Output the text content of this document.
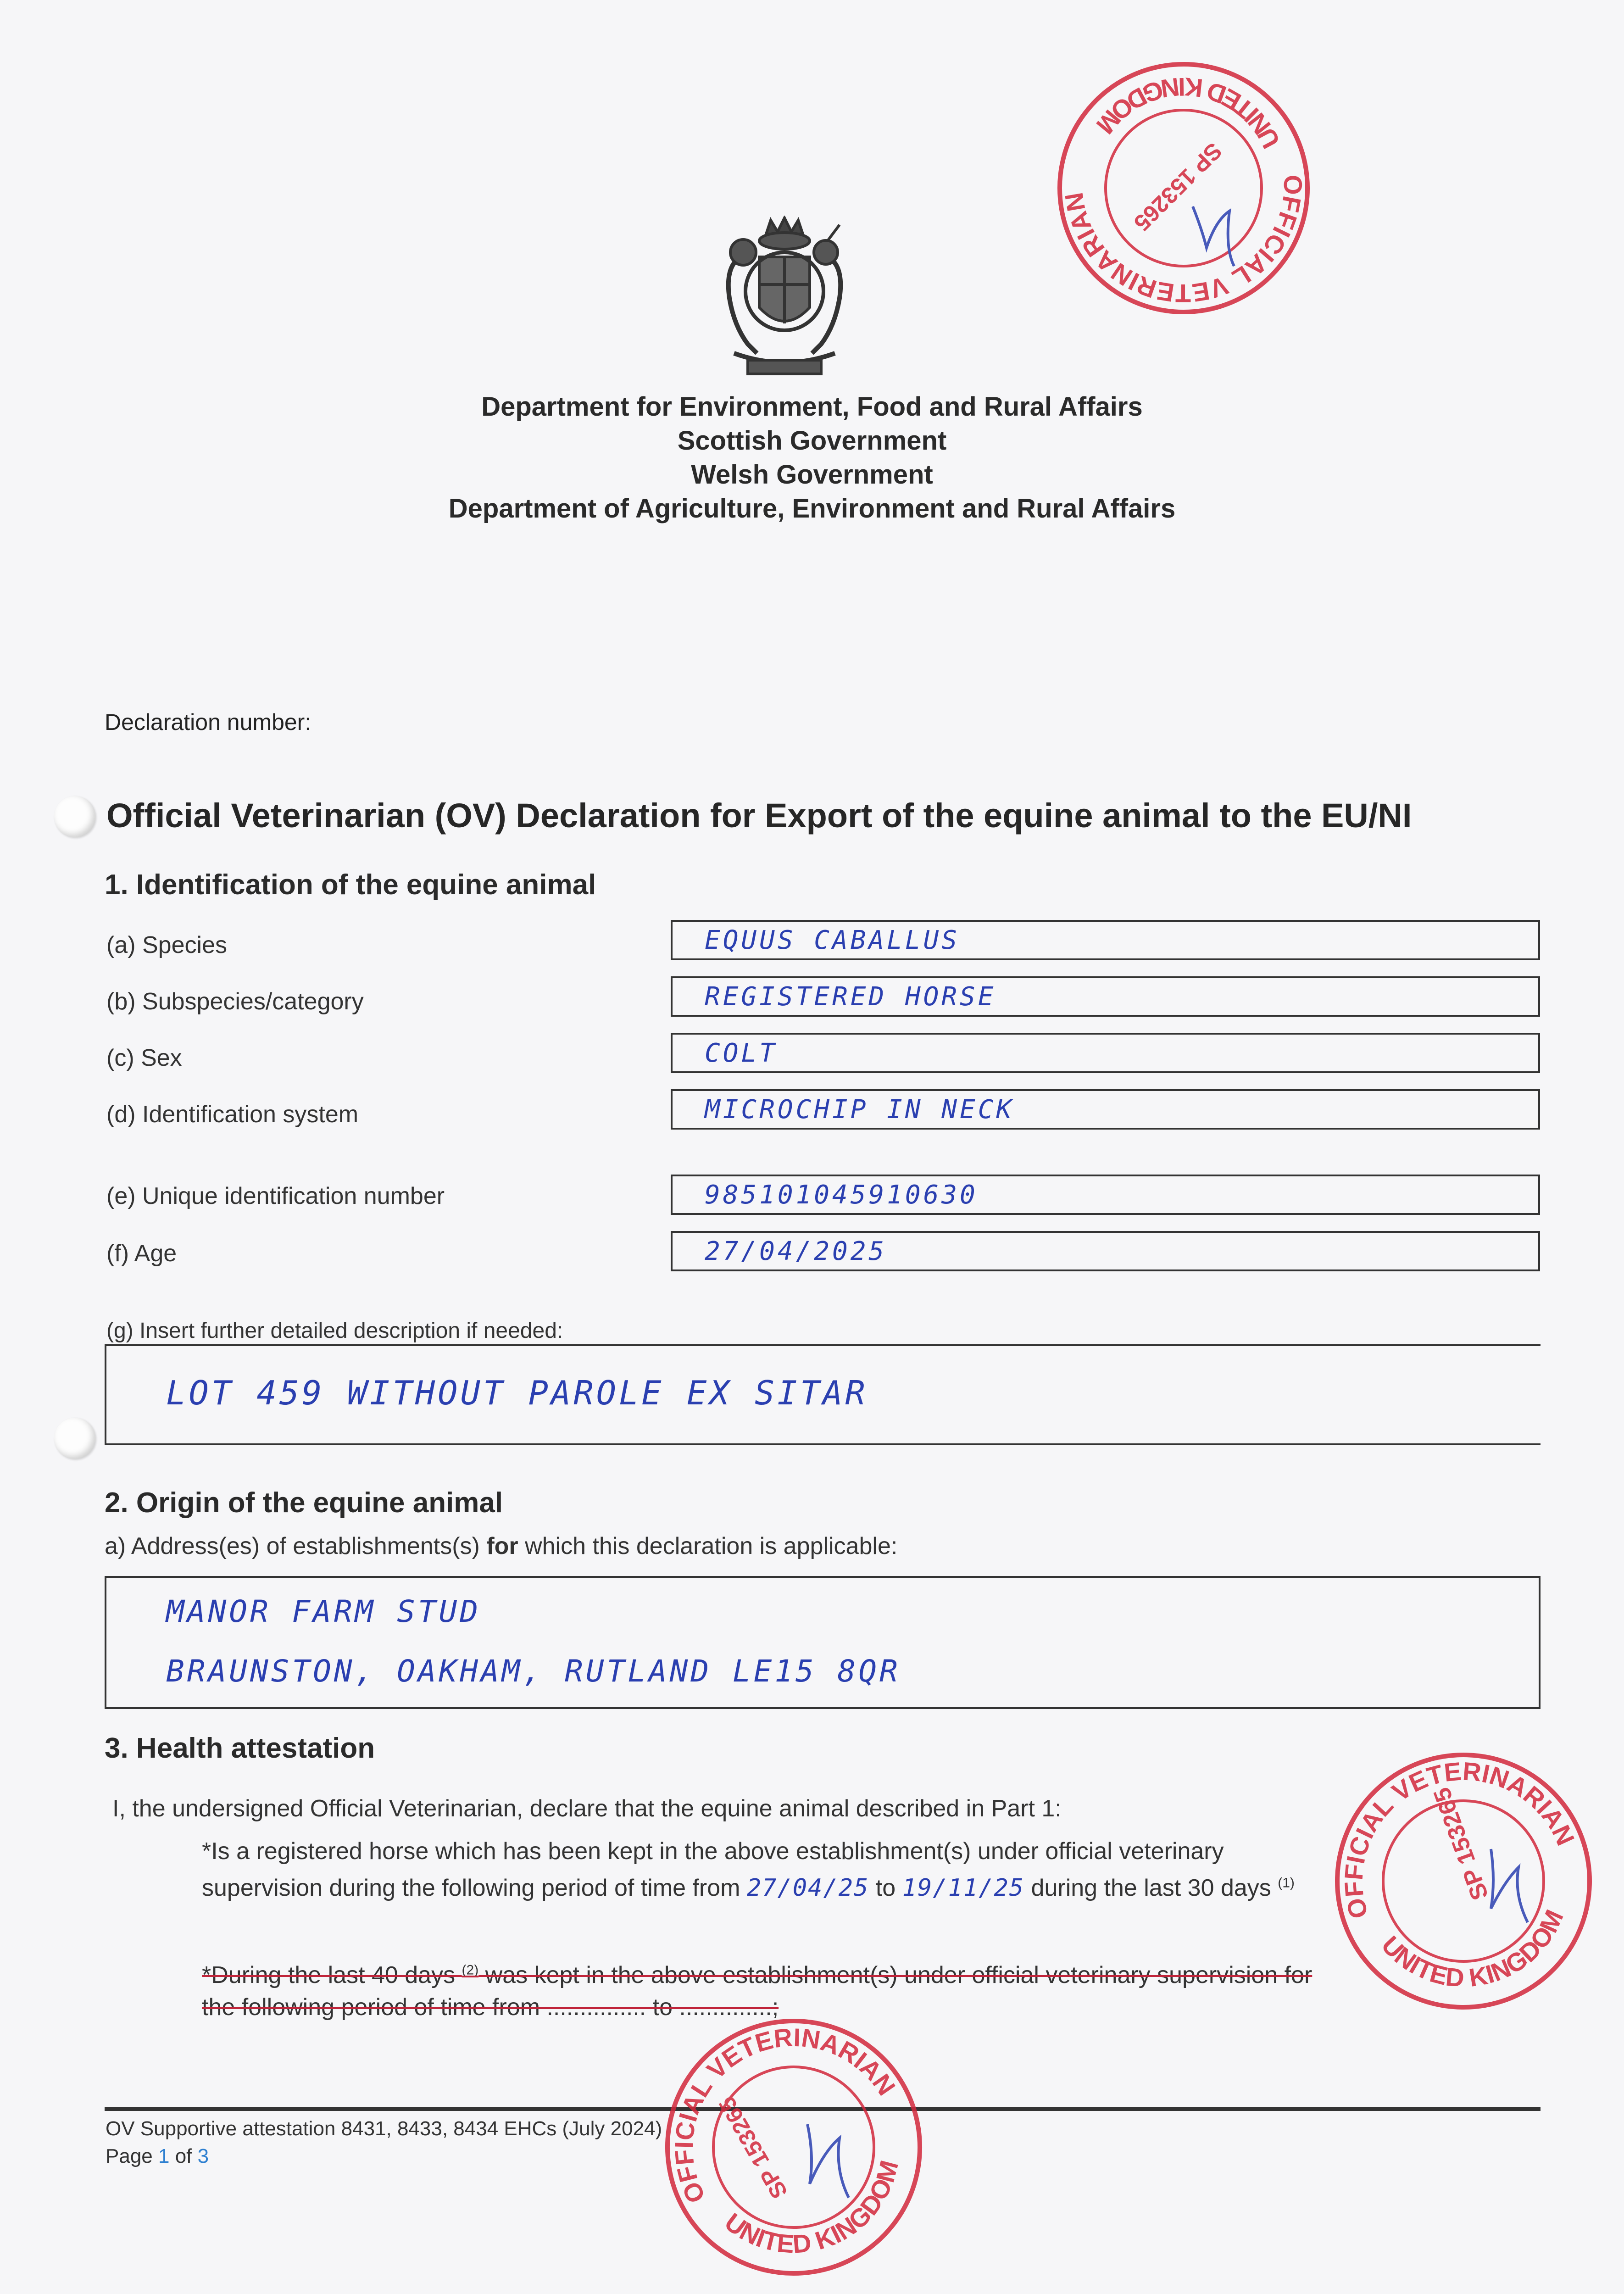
Department for Environment, Food and Rural Affairs
Scottish Government
Welsh Government
Department of Agriculture, Environment and Rural Affairs
Declaration number:
Official Veterinarian (OV) Declaration for Export of the equine animal to the EU/NI
1. Identification of the equine animal
(a) Species	EQUUS CABALLUS
(b) Subspecies/category	REGISTERED HORSE
(c) Sex	COLT
(d) Identification system	MICROCHIP IN NECK
(e) Unique identification number	985101045910630
(f) Age	27/04/2025
(g) Insert further detailed description if needed:
LOT 459 WITHOUT PAROLE EX SITAR
2. Origin of the equine animal
a) Address(es) of establishments(s) for which this declaration is applicable:
MANOR FARM STUD
BRAUNSTON, OAKHAM, RUTLAND LE15 8QR
3. Health attestation
I, the undersigned Official Veterinarian, declare that the equine animal described in Part 1:
*Is a registered horse which has been kept in the above establishment(s) under official veterinary
supervision during the following period of time from 27/04/25 to 19/11/25 during the last 30 days $^{(1)}$
*During the last 40 days $^{(2)}$ was kept in the above establishment(s) under official veterinary supervision for
the following period of time from ............... to ..............;
OV Supportive attestation 8431, 8433, 8434 EHCs (July 2024)
Page 1 of 3
OFFICIAL VETERINARIAN
UNITED KINGDOM
SP 153265
OFFICIAL VETERINARIAN
UNITED KINGDOM
SP 153265
OFFICIAL VETERINARIAN
UNITED KINGDOM
SP 153265
